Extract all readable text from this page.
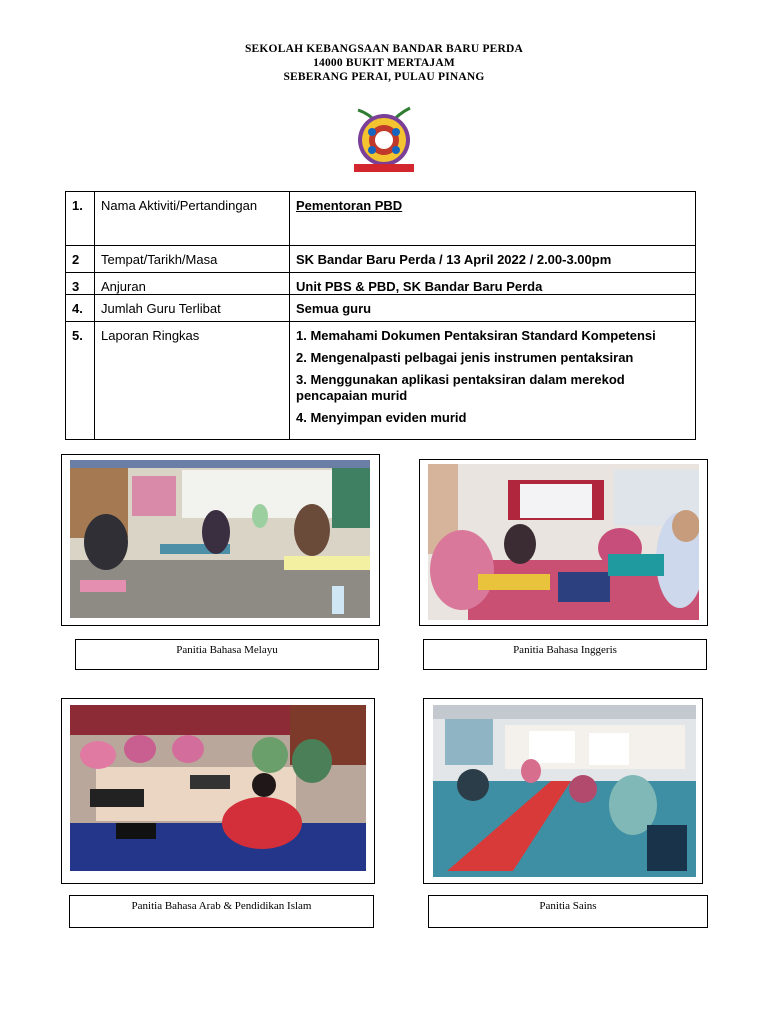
SEKOLAH KEBANGSAAN BANDAR BARU PERDA
14000 BUKIT MERTAJAM
SEBERANG PERAI, PULAU PINANG
1.	Nama Aktiviti/Pertandingan	Pementoran PBD

2	Tempat/Tarikh/Masa	SK Bandar Baru Perda / 13 April 2022 / 2.00-3.00pm
3	Anjuran	Unit PBS & PBD, SK Bandar Baru Perda
4.	Jumlah Guru Terlibat	Semua guru
5.	Laporan Ringkas	1. Memahami Dokumen Pentaksiran Standard Kompetensi
2. Mengenalpasti pelbagai jenis instrumen pentaksiran
3. Menggunakan aplikasi pentaksiran dalam merekod pencapaian murid
4. Menyimpan eviden murid
Panitia Bahasa Melayu	Panitia Bahasa Inggeris
Panitia Bahasa Arab & Pendidikan Islam	Panitia Sains
